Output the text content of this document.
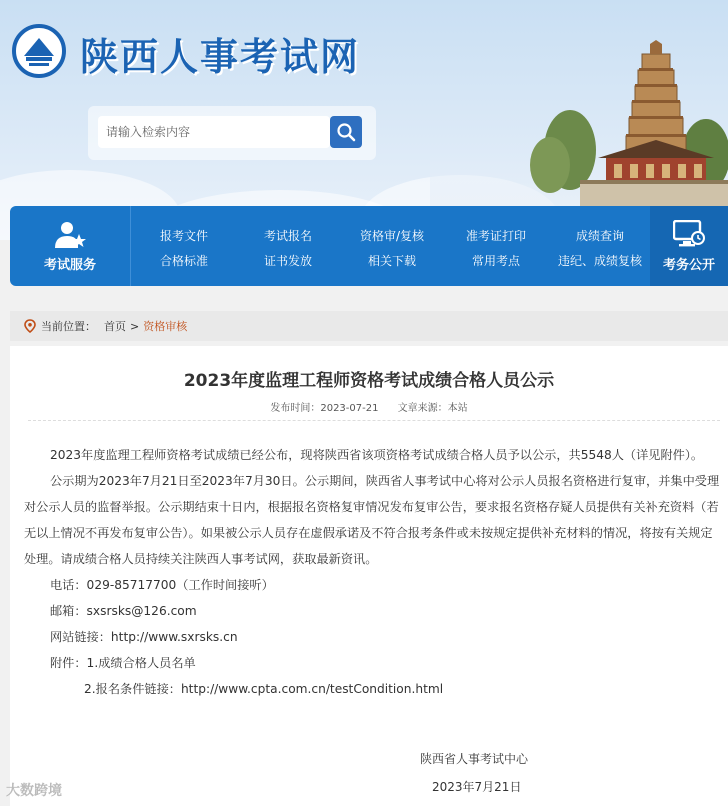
陕西人事考试网
请输入检索内容
考试服务
报考文件
合格标准
考试报名
证书发放
资格审/复核
相关下载
准考证打印
常用考点
成绩查询
违纪、成绩复核	考务公开
当前位置： 首页 > 资格审核
2023年度监理工程师资格考试成绩合格人员公示
发布时间：2023-07-21 文章来源：本站

2023年度监理工程师资格考试成绩已经公布，现将陕西省该项资格考试成绩合格人员予以公示，共5548人（详见附件）。

公示期为2023年7月21日至2023年7月30日。公示期间，陕西省人事考试中心将对公示人员报名资格进行复审，并集中受理对公示人员的监督举报。公示期结束十日内，根据报名资格复审情况发布复审公告，要求报名资格存疑人员提供有关补充资料（若无以上情况不再发布复审公告）。如果被公示人员存在虚假承诺及不符合报考条件或未按规定提供补充材料的情况，将按有关规定处理。请成绩合格人员持续关注陕西人事考试网，获取最新资讯。

电话：029-85717700（工作时间接听）
邮箱：sxsrsks@126.com
网站链接：http://www.sxrsks.cn
附件：1.成绩合格人员名单
2.报名条件链接：http://www.cpta.com.cn/testCondition.html
陕西省人事考试中心
2023年7月21日
大数跨境
